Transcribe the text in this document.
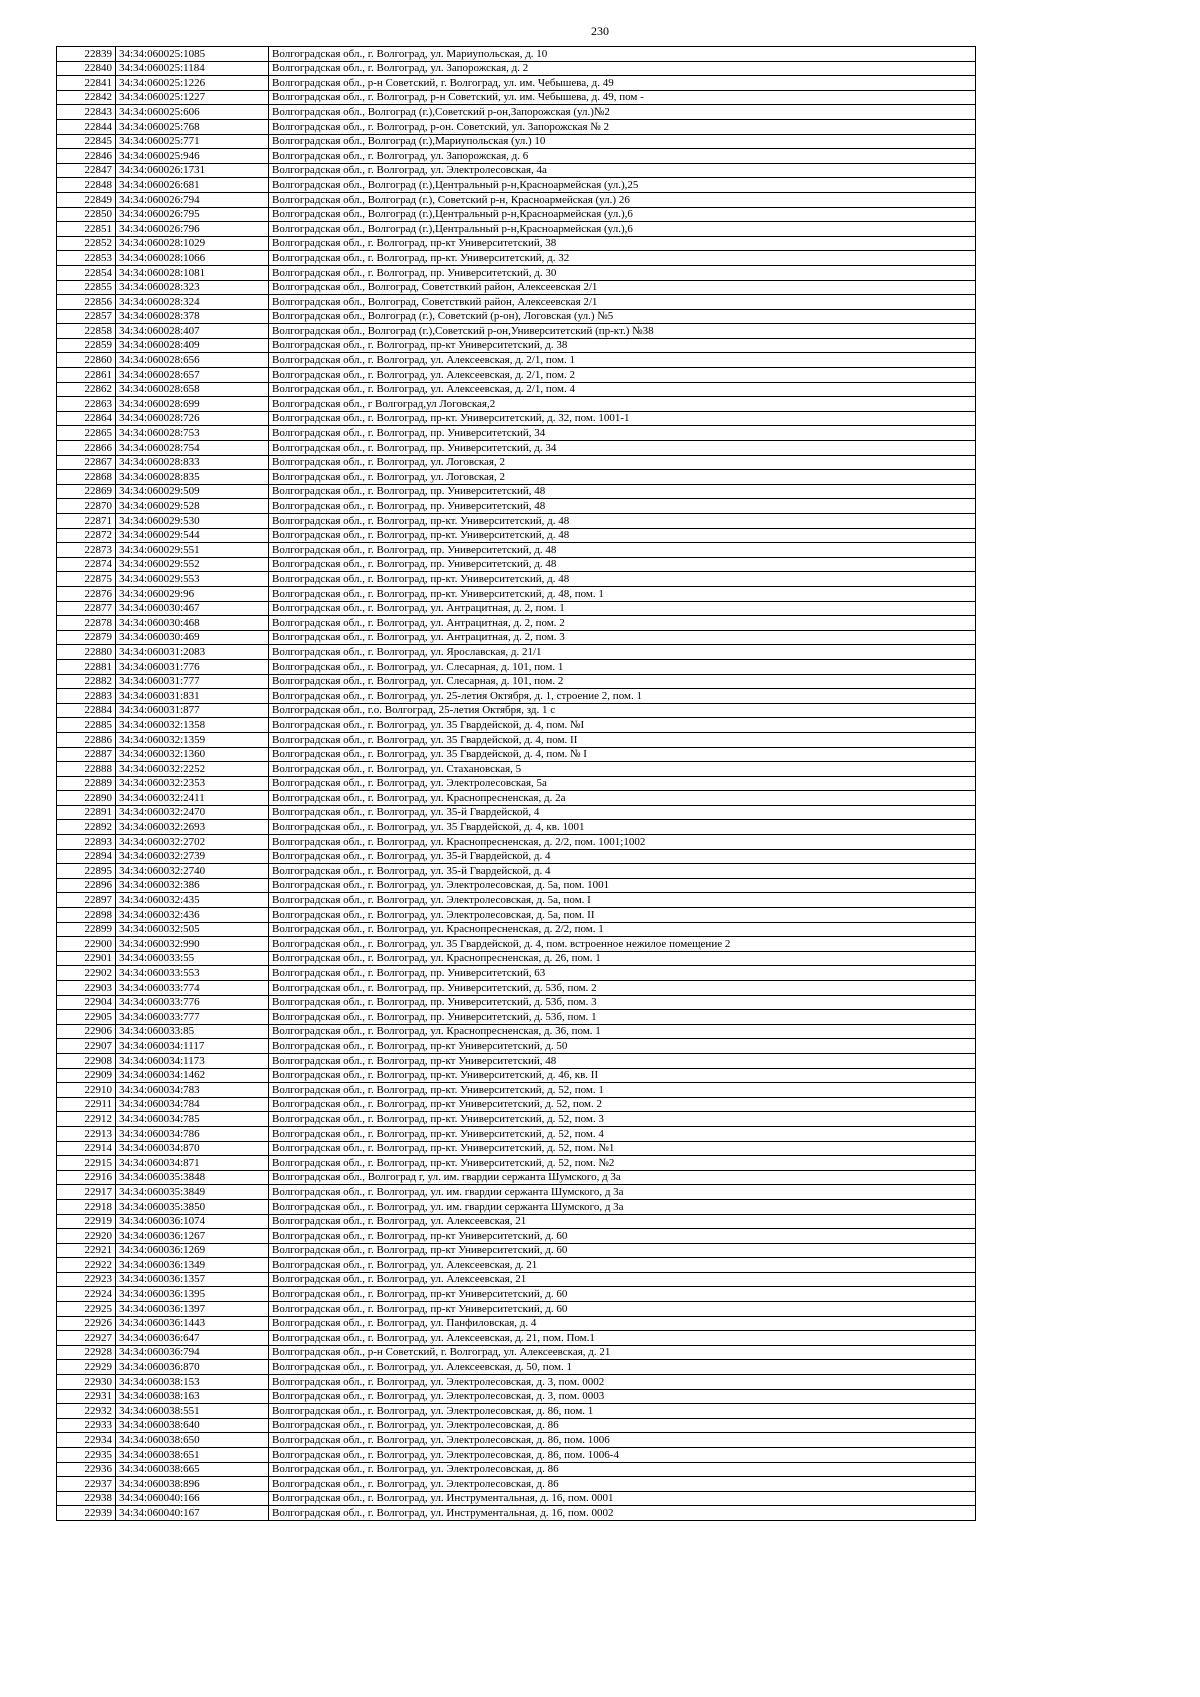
230
22839	34:34:060025:1085	Волгоградская обл., г. Волгоград, ул. Мариупольская, д. 10
22840	34:34:060025:1184	Волгоградская обл., г. Волгоград, ул. Запорожская, д. 2
22841	34:34:060025:1226	Волгоградская обл., р-н Советский, г. Волгоград, ул. им. Чебышева, д. 49
22842	34:34:060025:1227	Волгоградская обл., г. Волгоград, р-н Советский, ул. им. Чебышева, д. 49, пом -
22843	34:34:060025:606	Волгоградская обл., Волгоград (г.),Советский р-он,Запорожская (ул.)№2
22844	34:34:060025:768	Волгоградская обл., г. Волгоград, р-он. Советский, ул. Запорожская № 2
22845	34:34:060025:771	Волгоградская обл., Волгоград (г.),Мариупольская (ул.) 10
22846	34:34:060025:946	Волгоградская обл., г. Волгоград, ул. Запорожская, д. 6
22847	34:34:060026:1731	Волгоградская обл., г. Волгоград, ул. Электролесовская, 4а
22848	34:34:060026:681	Волгоградская обл., Волгоград (г.),Центральный р-н,Красноармейская (ул.),25
22849	34:34:060026:794	Волгоградская обл., Волгоград (г.), Советский р-н, Красноармейская (ул.) 26
22850	34:34:060026:795	Волгоградская обл., Волгоград (г.),Центральный р-н,Красноармейская (ул.),6
22851	34:34:060026:796	Волгоградская обл., Волгоград (г.),Центральный р-н,Красноармейская (ул.),6
22852	34:34:060028:1029	Волгоградская обл., г. Волгоград, пр-кт Университетский, 38
22853	34:34:060028:1066	Волгоградская обл., г. Волгоград, пр-кт. Университетский, д. 32
22854	34:34:060028:1081	Волгоградская обл., г. Волгоград, пр. Университетский, д. 30
22855	34:34:060028:323	Волгоградская обл., Волгоград, Советствкий район, Алексеевская 2/1
22856	34:34:060028:324	Волгоградская обл., Волгоград, Советствкий район, Алексеевская 2/1
22857	34:34:060028:378	Волгоградская обл., Волгоград (г.), Советский (р-он), Логовская (ул.) №5
22858	34:34:060028:407	Волгоградская обл., Волгоград (г.),Советский р-он,Университетский (пр-кт.) №38
22859	34:34:060028:409	Волгоградская обл., г. Волгоград, пр-кт Университетский, д. 38
22860	34:34:060028:656	Волгоградская обл., г. Волгоград, ул. Алексеевская, д. 2/1, пом. 1
22861	34:34:060028:657	Волгоградская обл., г. Волгоград, ул. Алексеевская, д. 2/1, пом. 2
22862	34:34:060028:658	Волгоградская обл., г. Волгоград, ул. Алексеевская, д. 2/1, пом. 4
22863	34:34:060028:699	Волгоградская обл., г Волгоград,ул Логовская,2
22864	34:34:060028:726	Волгоградская обл., г. Волгоград, пр-кт. Университетский, д. 32, пом. 1001-1
22865	34:34:060028:753	Волгоградская обл., г. Волгоград, пр. Университетский, 34
22866	34:34:060028:754	Волгоградская обл., г. Волгоград, пр. Университетский, д. 34
22867	34:34:060028:833	Волгоградская обл., г. Волгоград, ул. Логовская, 2
22868	34:34:060028:835	Волгоградская обл., г. Волгоград, ул. Логовская, 2
22869	34:34:060029:509	Волгоградская обл., г. Волгоград, пр. Университетский, 48
22870	34:34:060029:528	Волгоградская обл., г. Волгоград, пр. Университетский, 48
22871	34:34:060029:530	Волгоградская обл., г. Волгоград, пр-кт. Университетский, д. 48
22872	34:34:060029:544	Волгоградская обл., г. Волгоград, пр-кт. Университетский, д. 48
22873	34:34:060029:551	Волгоградская обл., г. Волгоград, пр. Университетский, д. 48
22874	34:34:060029:552	Волгоградская обл., г. Волгоград, пр. Университетский, д. 48
22875	34:34:060029:553	Волгоградская обл., г. Волгоград, пр-кт. Университетский, д. 48
22876	34:34:060029:96	Волгоградская обл., г. Волгоград, пр-кт. Университетский, д. 48, пом. 1
22877	34:34:060030:467	Волгоградская обл., г. Волгоград, ул. Антрацитная, д. 2, пом. 1
22878	34:34:060030:468	Волгоградская обл., г. Волгоград, ул. Антрацитная, д. 2, пом. 2
22879	34:34:060030:469	Волгоградская обл., г. Волгоград, ул. Антрацитная, д. 2, пом. 3
22880	34:34:060031:2083	Волгоградская обл., г. Волгоград, ул. Ярославская, д. 21/1
22881	34:34:060031:776	Волгоградская обл., г. Волгоград, ул. Слесарная, д. 101, пом. 1
22882	34:34:060031:777	Волгоградская обл., г. Волгоград, ул. Слесарная, д. 101, пом. 2
22883	34:34:060031:831	Волгоградская обл., г. Волгоград, ул. 25-летия Октября, д. 1, строение 2, пом. 1
22884	34:34:060031:877	Волгоградская обл., г.о. Волгоград, 25-летия Октября, зд. 1 с
22885	34:34:060032:1358	Волгоградская обл., г. Волгоград, ул. 35 Гвардейской, д. 4, пом. №I
22886	34:34:060032:1359	Волгоградская обл., г. Волгоград, ул. 35 Гвардейской, д. 4, пом. II
22887	34:34:060032:1360	Волгоградская обл., г. Волгоград, ул. 35 Гвардейской, д. 4, пом. № I
22888	34:34:060032:2252	Волгоградская обл., г. Волгоград, ул. Стахановская, 5
22889	34:34:060032:2353	Волгоградская обл., г. Волгоград, ул. Электролесовская, 5а
22890	34:34:060032:2411	Волгоградская обл., г. Волгоград, ул. Краснопресненская, д. 2а
22891	34:34:060032:2470	Волгоградская обл., г. Волгоград, ул. 35-й Гвардейской, 4
22892	34:34:060032:2693	Волгоградская обл., г. Волгоград, ул. 35 Гвардейской, д. 4, кв. 1001
22893	34:34:060032:2702	Волгоградская обл., г. Волгоград, ул. Краснопресненская, д. 2/2, пом. 1001;1002
22894	34:34:060032:2739	Волгоградская обл., г. Волгоград, ул. 35-й Гвардейской, д. 4
22895	34:34:060032:2740	Волгоградская обл., г. Волгоград, ул. 35-й Гвардейской, д. 4
22896	34:34:060032:386	Волгоградская обл., г. Волгоград, ул. Электролесовская, д. 5а, пом. 1001
22897	34:34:060032:435	Волгоградская обл., г. Волгоград, ул. Электролесовская, д. 5а, пом. I
22898	34:34:060032:436	Волгоградская обл., г. Волгоград, ул. Электролесовская, д. 5а, пом. II
22899	34:34:060032:505	Волгоградская обл., г. Волгоград, ул. Краснопресненская, д. 2/2, пом. 1
22900	34:34:060032:990	Волгоградская обл., г. Волгоград, ул. 35 Гвардейской, д. 4, пом. встроенное нежилое помещение 2
22901	34:34:060033:55	Волгоградская обл., г. Волгоград, ул. Краснопресненская, д. 26, пом. 1
22902	34:34:060033:553	Волгоградская обл., г. Волгоград, пр. Университетский, 63
22903	34:34:060033:774	Волгоградская обл., г. Волгоград, пр. Университетский, д. 53б, пом. 2
22904	34:34:060033:776	Волгоградская обл., г. Волгоград, пр. Университетский, д. 53б, пом. 3
22905	34:34:060033:777	Волгоградская обл., г. Волгоград, пр. Университетский, д. 53б, пом. 1
22906	34:34:060033:85	Волгоградская обл., г. Волгоград, ул. Краснопресненская, д. 36, пом. 1
22907	34:34:060034:1117	Волгоградская обл., г. Волгоград, пр-кт Университетский, д. 50
22908	34:34:060034:1173	Волгоградская обл., г. Волгоград, пр-кт Университетский, 48
22909	34:34:060034:1462	Волгоградская обл., г. Волгоград, пр-кт. Университетский, д. 46, кв. II
22910	34:34:060034:783	Волгоградская обл., г. Волгоград, пр-кт. Университетский, д. 52, пом. 1
22911	34:34:060034:784	Волгоградская обл., г. Волгоград, пр-кт Университетский, д. 52, пом. 2
22912	34:34:060034:785	Волгоградская обл., г. Волгоград, пр-кт. Университетский, д. 52, пом. 3
22913	34:34:060034:786	Волгоградская обл., г. Волгоград, пр-кт. Университетский, д. 52, пом. 4
22914	34:34:060034:870	Волгоградская обл., г. Волгоград, пр-кт. Университетский, д. 52, пом. №1
22915	34:34:060034:871	Волгоградская обл., г. Волгоград, пр-кт. Университетский, д. 52, пом. №2
22916	34:34:060035:3848	Волгоградская обл., Волгоград г, ул. им. гвардии сержанта Шумского, д 3а
22917	34:34:060035:3849	Волгоградская обл., г. Волгоград, ул. им. гвардии сержанта Шумского, д 3а
22918	34:34:060035:3850	Волгоградская обл., г. Волгоград, ул. им. гвардии сержанта Шумского, д 3а
22919	34:34:060036:1074	Волгоградская обл., г. Волгоград, ул. Алексеевская, 21
22920	34:34:060036:1267	Волгоградская обл., г. Волгоград, пр-кт Университетский, д. 60
22921	34:34:060036:1269	Волгоградская обл., г. Волгоград, пр-кт Университетский, д. 60
22922	34:34:060036:1349	Волгоградская обл., г. Волгоград, ул. Алексеевская, д. 21
22923	34:34:060036:1357	Волгоградская обл., г. Волгоград, ул. Алексеевская, 21
22924	34:34:060036:1395	Волгоградская обл., г. Волгоград, пр-кт Университетский, д. 60
22925	34:34:060036:1397	Волгоградская обл., г. Волгоград, пр-кт Университетский, д. 60
22926	34:34:060036:1443	Волгоградская обл., г. Волгоград, ул. Панфиловская, д. 4
22927	34:34:060036:647	Волгоградская обл., г. Волгоград, ул. Алексеевская, д. 21, пом. Пом.1
22928	34:34:060036:794	Волгоградская обл., р-н Советский, г. Волгоград, ул. Алексеевская, д. 21
22929	34:34:060036:870	Волгоградская обл., г. Волгоград, ул. Алексеевская, д. 50, пом. 1
22930	34:34:060038:153	Волгоградская обл., г. Волгоград, ул. Электролесовская, д. 3, пом. 0002
22931	34:34:060038:163	Волгоградская обл., г. Волгоград, ул. Электролесовская, д. 3, пом. 0003
22932	34:34:060038:551	Волгоградская обл., г. Волгоград, ул. Электролесовская, д. 86, пом. 1
22933	34:34:060038:640	Волгоградская обл., г. Волгоград, ул. Электролесовская, д. 86
22934	34:34:060038:650	Волгоградская обл., г. Волгоград, ул. Электролесовская, д. 86, пом. 1006
22935	34:34:060038:651	Волгоградская обл., г. Волгоград, ул. Электролесовская, д. 86, пом. 1006-4
22936	34:34:060038:665	Волгоградская обл., г. Волгоград, ул. Электролесовская, д. 86
22937	34:34:060038:896	Волгоградская обл., г. Волгоград, ул. Электролесовская, д. 86
22938	34:34:060040:166	Волгоградская обл., г. Волгоград, ул. Инструментальная, д. 16, пом. 0001
22939	34:34:060040:167	Волгоградская обл., г. Волгоград, ул. Инструментальная, д. 16, пом. 0002
